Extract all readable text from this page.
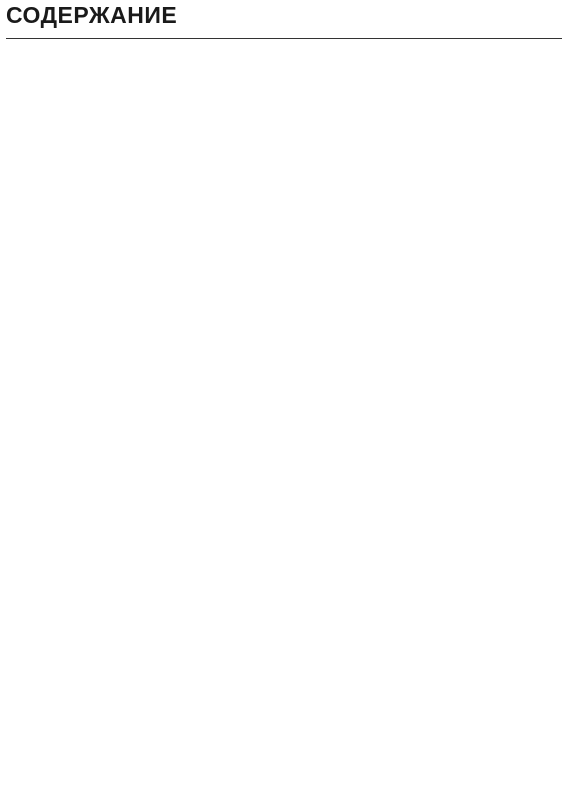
СОДЕРЖАНИЕ
